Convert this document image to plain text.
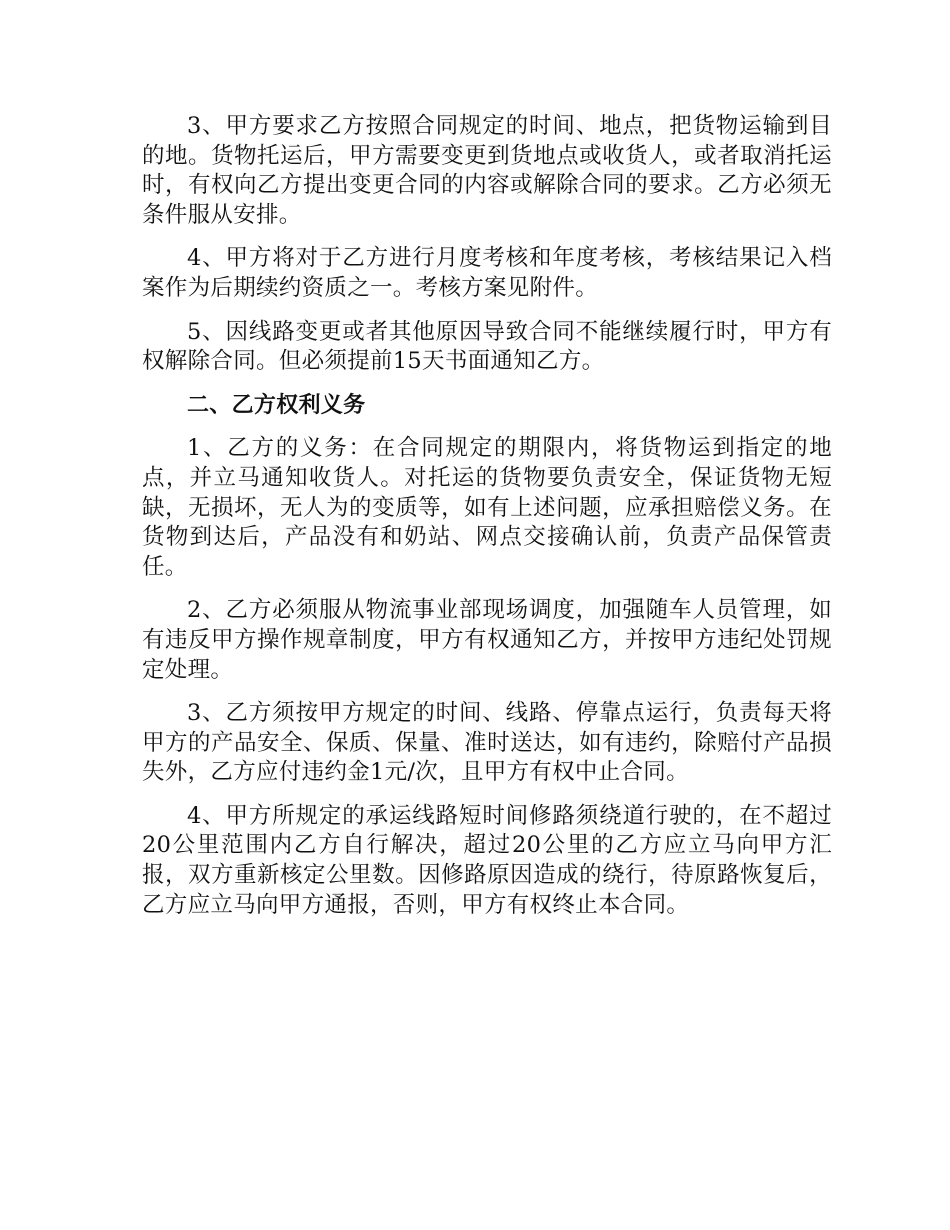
3、甲方要求乙方按照合同规定的时间、地点，把货物运输到目的地。货物托运后，甲方需要变更到货地点或收货人，或者取消托运时，有权向乙方提出变更合同的内容或解除合同的要求。乙方必须无条件服从安排。

4、甲方将对于乙方进行月度考核和年度考核，考核结果记入档案作为后期续约资质之一。考核方案见附件。

5、因线路变更或者其他原因导致合同不能继续履行时，甲方有权解除合同。但必须提前15天书面通知乙方。

二、乙方权利义务

1、乙方的义务：在合同规定的期限内，将货物运到指定的地点，并立马通知收货人。对托运的货物要负责安全，保证货物无短缺，无损坏，无人为的变质等，如有上述问题，应承担赔偿义务。在货物到达后，产品没有和奶站、网点交接确认前，负责产品保管责任。

2、乙方必须服从物流事业部现场调度，加强随车人员管理，如有违反甲方操作规章制度，甲方有权通知乙方，并按甲方违纪处罚规定处理。

3、乙方须按甲方规定的时间、线路、停靠点运行，负责每天将甲方的产品安全、保质、保量、准时送达，如有违约，除赔付产品损失外，乙方应付违约金1元/次，且甲方有权中止合同。

4、甲方所规定的承运线路短时间修路须绕道行驶的，在不超过20公里范围内乙方自行解决，超过20公里的乙方应立马向甲方汇报，双方重新核定公里数。因修路原因造成的绕行，待原路恢复后，乙方应立马向甲方通报，否则，甲方有权终止本合同。
